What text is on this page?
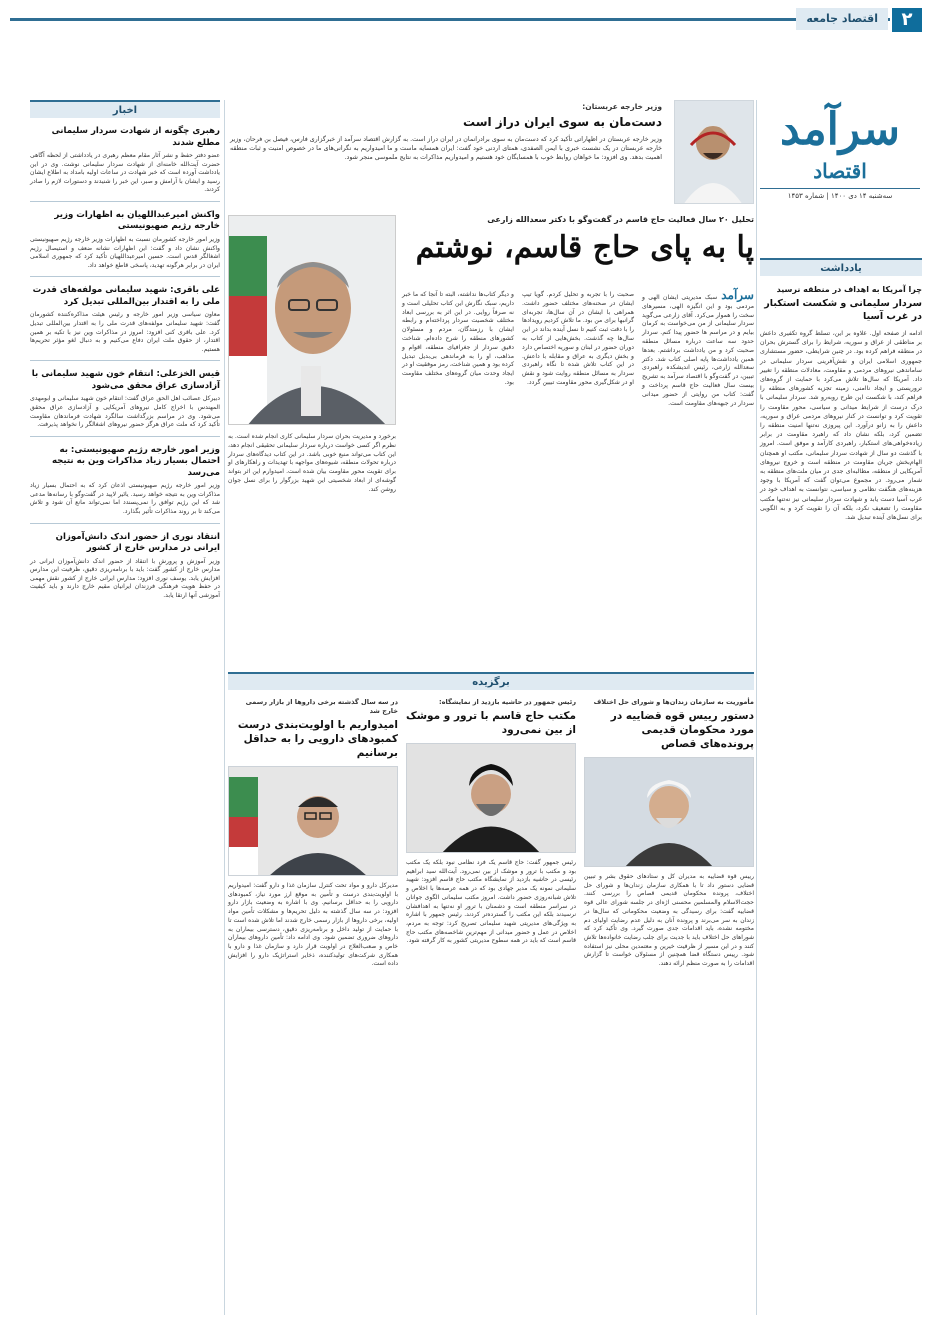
۲
اقتصاد جامعه
سرآمد
اقتصاد
سه‌شنبه ۱۴ دی ۱۴۰۰ | شماره ۱۴۵۳
یادداشت
چرا آمریکا به اهداف در منطقه نرسید
سردار سلیمانی و شکست استکبار در غرب آسیا
ادامه از صفحه اول. علاوه بر این، تسلط گروه تکفیری داعش بر مناطقی از عراق و سوریه، شرایط را برای گسترش بحران در منطقه فراهم کرده بود. در چنین شرایطی، حضور مستشاری جمهوری اسلامی ایران و نقش‌آفرینی سردار سلیمانی در ساماندهی نیروهای مردمی و مقاومت، معادلات منطقه را تغییر داد. آمریکا که سال‌ها تلاش می‌کرد با حمایت از گروه‌های تروریستی و ایجاد ناامنی، زمینه تجزیه کشورهای منطقه را فراهم کند، با شکست این طرح روبه‌رو شد. سردار سلیمانی با درک درست از شرایط میدانی و سیاسی، محور مقاومت را تقویت کرد و توانست در کنار نیروهای مردمی عراق و سوریه، داعش را به زانو درآورد. این پیروزی نه‌تنها امنیت منطقه را تضمین کرد، بلکه نشان داد که راهبرد مقاومت در برابر زیاده‌خواهی‌های استکبار، راهبردی کارآمد و موفق است. امروز با گذشت دو سال از شهادت سردار سلیمانی، مکتب او همچنان الهام‌بخش جریان مقاومت در منطقه است و خروج نیروهای آمریکایی از منطقه، مطالبه‌ای جدی در میان ملت‌های منطقه به شمار می‌رود. در مجموع می‌توان گفت که آمریکا با وجود هزینه‌های هنگفت نظامی و سیاسی، نتوانست به اهداف خود در غرب آسیا دست یابد و شهادت سردار سلیمانی نیز نه‌تنها مکتب مقاومت را تضعیف نکرد، بلکه آن را تقویت کرد و به الگویی برای نسل‌های آینده تبدیل شد.
وزیر خارجه عربستان:
دست‌مان به سوی ایران دراز است
وزیر خارجه عربستان در اظهاراتی تأکید کرد که دست‌مان به سوی برادرانمان در ایران دراز است. به گزارش اقتصاد سرآمد از خبرگزاری فارس، فیصل بن فرحان، وزیر خارجه عربستان در یک نشست خبری با ایمن الصفدی، همتای اردنی خود گفت: ایران همسایه ماست و ما امیدواریم به نگرانی‌های ما در خصوص امنیت و ثبات منطقه اهمیت بدهد. وی افزود: ما خواهان روابط خوب با همسایگان خود هستیم و امیدواریم مذاکرات به نتایج ملموسی منجر شود.
تحلیل ۲۰ سال فعالیت حاج قاسم در گفت‌وگو با دکتر سعدالله زارعی
پا به پای حاج قاسم، نوشتم
سرآمدسبک مدیریتی ایشان الهی و مردمی بود و این انگیزه الهی، مسیرهای سخت را هموار می‌کرد. آقای زارعی می‌گوید سردار سلیمانی از من می‌خواست به کرمان بیایم و در مراسم ها حضور پیدا کنم. سردار حدود سه ساعت درباره مسائل منطقه صحبت کرد و من یادداشت برداشتم. بعدها همین یادداشت‌ها پایه اصلی کتاب شد. دکتر سعدالله زارعی، رئیس اندیشکده راهبردی تبیین، در گفت‌وگو با اقتصاد سرآمد به تشریح بیست سال فعالیت حاج قاسم پرداخت و گفت: کتاب من روایتی از حضور میدانی سردار در جبهه‌های مقاومت است.
صحبت را با تجربه و تحلیل کردم. گویا تیپ ایشان در صحنه‌های مختلف حضور داشت. همراهی با ایشان در آن سال‌ها، تجربه‌ای گرانبها برای من بود. ما تلاش کردیم رویدادها را با دقت ثبت کنیم تا نسل آینده بداند در این سال‌ها چه گذشت. بخش‌هایی از کتاب به دوران حضور در لبنان و سوریه اختصاص دارد و بخش دیگری به عراق و مقابله با داعش. در این کتاب تلاش شده تا نگاه راهبردی سردار به مسائل منطقه روایت شود و نقش او در شکل‌گیری محور مقاومت تبیین گردد.
و دیگر کتاب‌ها نداشته، البته تا آنجا که ما خبر داریم، سبک نگارش این کتاب تحلیلی است و نه صرفاً روایی. در این اثر به بررسی ابعاد مختلف شخصیت سردار پرداخته‌ام و رابطه ایشان با رزمندگان، مردم و مسئولان کشورهای منطقه را شرح داده‌ام. شناخت دقیق سردار از جغرافیای منطقه، اقوام و مذاهب، او را به فرماندهی بی‌بدیل تبدیل کرده بود و همین شناخت، رمز موفقیت او در ایجاد وحدت میان گروه‌های مختلف مقاومت بود.
برخورد و مدیریت بحران سردار سلیمانی کاری انجام شده است. به نظرم اگر کسی خواست درباره سردار سلیمانی تحقیقی انجام دهد، این کتاب می‌تواند منبع خوبی باشد. در این کتاب دیدگاه‌های سردار درباره تحولات منطقه، شیوه‌های مواجهه با تهدیدات و راهکارهای او برای تقویت محور مقاومت بیان شده است. امیدوارم این اثر بتواند گوشه‌ای از ابعاد شخصیتی این شهید بزرگوار را برای نسل جوان روشن کند.
برگزیده
مأموریت به سازمان زندان‌ها و شورای حل اختلاف
دستور رییس قوه قضاییه در مورد محکومان قدیمی پرونده‌های قصاص
رییس قوه قضاییه به مدیران کل و ستادهای حقوق بشر و تبیین قضایی دستور داد تا با همکاری سازمان زندان‌ها و شورای حل اختلاف، پرونده محکومان قدیمی قصاص را بررسی کنند. حجت‌الاسلام والمسلمین محسنی اژه‌ای در جلسه شورای عالی قوه قضاییه گفت: برای رسیدگی به وضعیت محکومانی که سال‌ها در زندان به سر می‌برند و پرونده آنان به دلیل عدم رضایت اولیای دم مختومه نشده، باید اقدامات جدی صورت گیرد. وی تأکید کرد که شوراهای حل اختلاف باید با جدیت برای جلب رضایت خانواده‌ها تلاش کنند و در این مسیر از ظرفیت خیرین و معتمدین محلی نیز استفاده شود. رییس دستگاه قضا همچنین از مسئولان خواست تا گزارش اقدامات را به صورت منظم ارائه دهند.
رئیس جمهور در حاشیه بازدید از نمایشگاه:
مکتب حاج قاسم با ترور و موشک از بین نمی‌رود
رئیس جمهور گفت: حاج قاسم یک فرد نظامی نبود بلکه یک مکتب بود و مکتب با ترور و موشک از بین نمی‌رود. آیت‌الله سید ابراهیم رئیسی در حاشیه بازدید از نمایشگاه مکتب حاج قاسم افزود: شهید سلیمانی نمونه یک مدیر جهادی بود که در همه عرصه‌ها با اخلاص و تلاش شبانه‌روزی حضور داشت. امروز مکتب سلیمانی الگوی جوانان در سراسر منطقه است و دشمنان با ترور او نه‌تنها به اهدافشان نرسیدند بلکه این مکتب را گسترده‌تر کردند. رئیس جمهور با اشاره به ویژگی‌های مدیریتی شهید سلیمانی تصریح کرد: توجه به مردم، اخلاص در عمل و حضور میدانی از مهم‌ترین شاخصه‌های مکتب حاج قاسم است که باید در همه سطوح مدیریتی کشور به کار گرفته شود.
در سه سال گذشته برخی داروها از بازار رسمی خارج شد
امیدواریم با اولویت‌بندی درست کمبودهای دارویی را به حداقل برسانیم
مدیرکل دارو و مواد تحت کنترل سازمان غذا و دارو گفت: امیدواریم با اولویت‌بندی درست و تأمین به موقع ارز مورد نیاز، کمبودهای دارویی را به حداقل برسانیم. وی با اشاره به وضعیت بازار دارو افزود: در سه سال گذشته به دلیل تحریم‌ها و مشکلات تأمین مواد اولیه، برخی داروها از بازار رسمی خارج شدند اما تلاش شده است تا با حمایت از تولید داخل و برنامه‌ریزی دقیق، دسترسی بیماران به داروهای ضروری تضمین شود. وی ادامه داد: تأمین داروهای بیماران خاص و صعب‌العلاج در اولویت قرار دارد و سازمان غذا و دارو با همکاری شرکت‌های تولیدکننده، ذخایر استراتژیک دارو را افزایش داده است.
اخبار
رهبری چگونه از شهادت سردار سلیمانی مطلع شدند
عضو دفتر حفظ و نشر آثار مقام معظم رهبری در یادداشتی از لحظه آگاهی حضرت آیت‌الله خامنه‌ای از شهادت سردار سلیمانی نوشت. وی در این یادداشت آورده است که خبر شهادت در ساعات اولیه بامداد به اطلاع ایشان رسید و ایشان با آرامش و صبر، این خبر را شنیدند و دستورات لازم را صادر کردند.
واکنش امیرعبداللهیان به اظهارات وزیر خارجه رژیم صهیونیستی
وزیر امور خارجه کشورمان نسبت به اظهارات وزیر خارجه رژیم صهیونیستی واکنش نشان داد و گفت: این اظهارات نشانه ضعف و استیصال رژیم اشغالگر قدس است. حسین امیرعبداللهیان تأکید کرد که جمهوری اسلامی ایران در برابر هرگونه تهدید، پاسخی قاطع خواهد داد.
علی باقری: شهید سلیمانی مولفه‌های قدرت ملی را به اقتدار بین‌المللی تبدیل کرد
معاون سیاسی وزیر امور خارجه و رئیس هیئت مذاکره‌کننده کشورمان گفت: شهید سلیمانی مولفه‌های قدرت ملی را به اقتدار بین‌المللی تبدیل کرد. علی باقری کنی افزود: امروز در مذاکرات وین نیز با تکیه بر همین اقتدار، از حقوق ملت ایران دفاع می‌کنیم و به دنبال لغو مؤثر تحریم‌ها هستیم.
قیس الخزعلی: انتقام خون شهید سلیمانی با آزادسازی عراق محقق می‌شود
دبیرکل عصائب اهل الحق عراق گفت: انتقام خون شهید سلیمانی و ابومهدی المهندس با اخراج کامل نیروهای آمریکایی و آزادسازی عراق محقق می‌شود. وی در مراسم بزرگداشت سالگرد شهادت فرماندهان مقاومت تأکید کرد که ملت عراق هرگز حضور نیروهای اشغالگر را نخواهد پذیرفت.
وزیر امور خارجه رژیم صهیونیستی: به احتمال بسیار زیاد مذاکرات وین به نتیجه می‌رسد
وزیر امور خارجه رژیم صهیونیستی اذعان کرد که به احتمال بسیار زیاد مذاکرات وین به نتیجه خواهد رسید. یائیر لاپید در گفت‌وگو با رسانه‌ها مدعی شد که این رژیم توافق را نمی‌پسندد اما نمی‌تواند مانع آن شود و تلاش می‌کند تا بر روند مذاکرات تأثیر بگذارد.
انتقاد نوری از حضور اندک دانش‌آموزان ایرانی در مدارس خارج از کشور
وزیر آموزش و پرورش با انتقاد از حضور اندک دانش‌آموزان ایرانی در مدارس خارج از کشور گفت: باید با برنامه‌ریزی دقیق، ظرفیت این مدارس افزایش یابد. یوسف نوری افزود: مدارس ایرانی خارج از کشور نقش مهمی در حفظ هویت فرهنگی فرزندان ایرانیان مقیم خارج دارند و باید کیفیت آموزشی آنها ارتقا یابد.
